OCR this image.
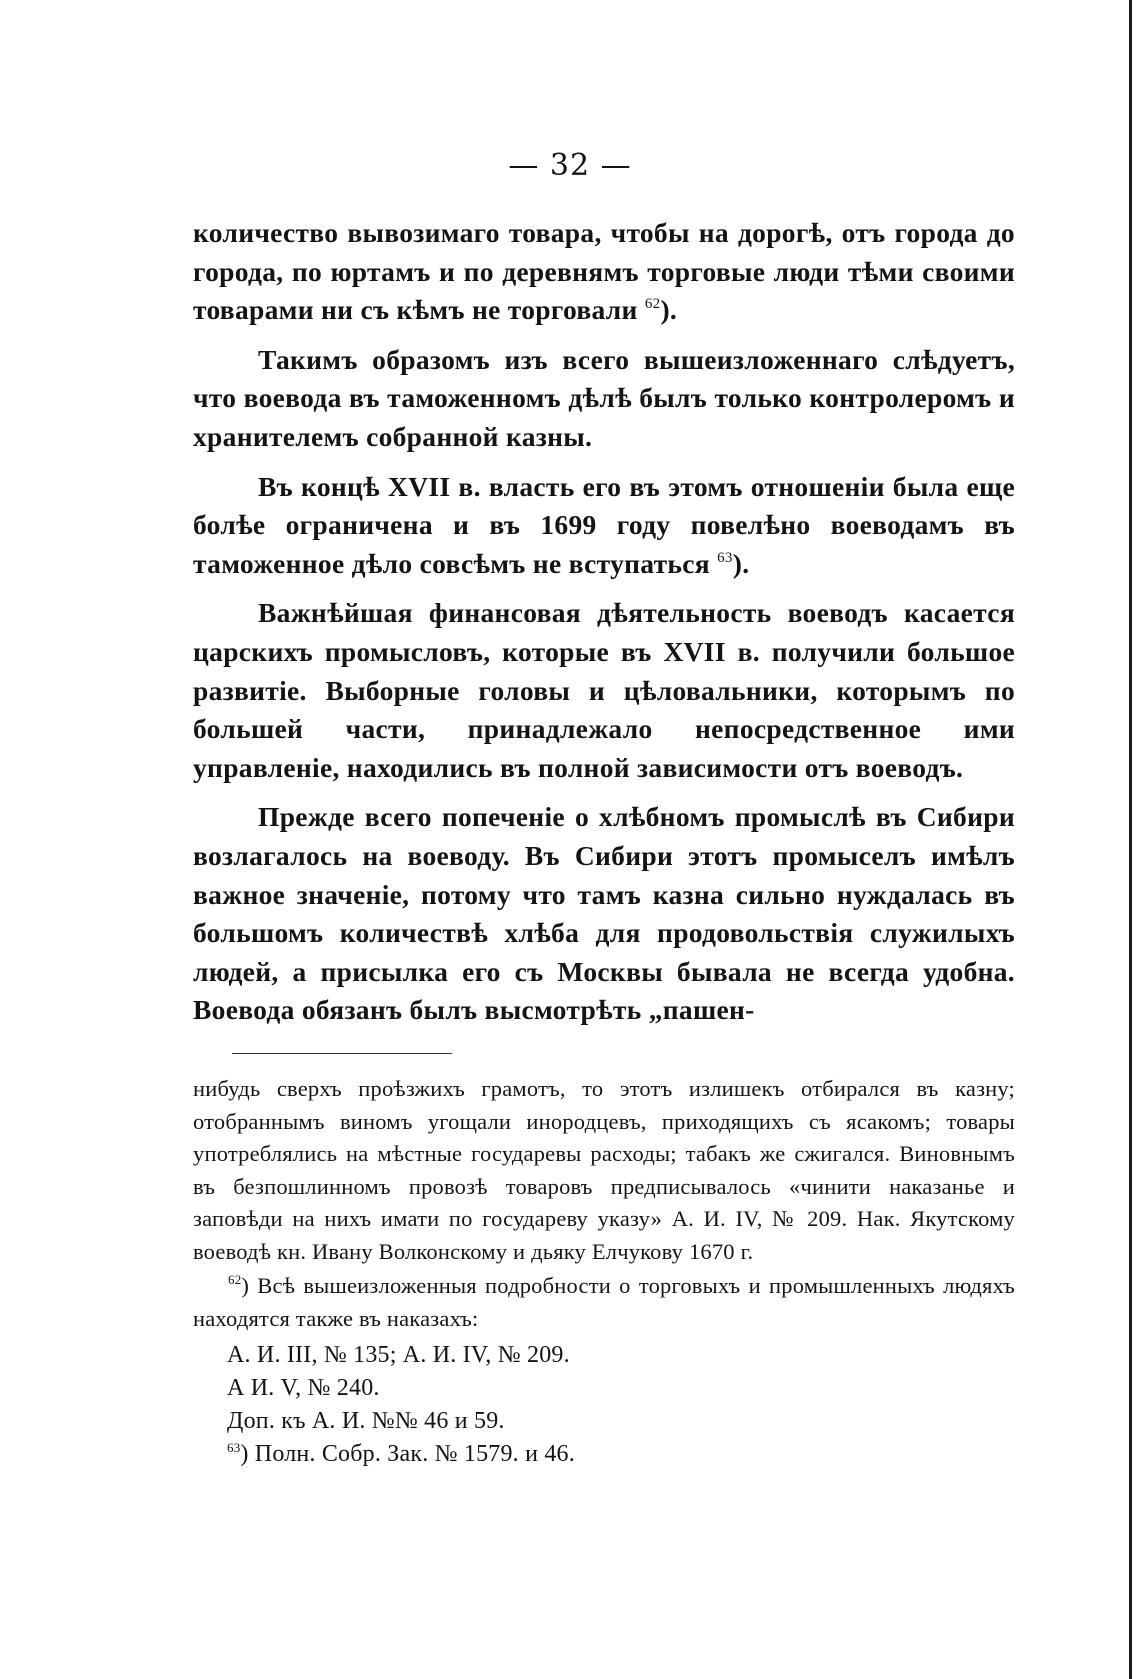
— 32 —

количество вывозимаго товара, чтобы на дорогѣ, отъ города до города, по юртамъ и по деревнямъ торговые люди тѣми своими товарами ни съ кѣмъ не торговали $^{62}$).

Такимъ образомъ изъ всего вышеизложеннаго слѣдуетъ, что воевода въ таможенномъ дѣлѣ былъ только контролеромъ и хранителемъ собранной казны.

Въ концѣ XVII в. власть его въ этомъ отношенiи была еще болѣе ограничена и въ 1699 году повелѣно воеводамъ въ таможенное дѣло совсѣмъ не вступаться $^{63}$).

Важнѣйшая финансовая дѣятельность воеводъ касается царскихъ промысловъ, которые въ XVII в. получили большое развитiе. Выборные головы и цѣловальники, которымъ по большей части, принадлежало непосредственное ими управленiе, находились въ полной зависимости отъ воеводъ.

Прежде всего попеченiе о хлѣбномъ промыслѣ въ Сибири возлагалось на воеводу. Въ Сибири этотъ промыселъ имѣлъ важное значенiе, потому что тамъ казна сильно нуждалась въ большомъ количествѣ хлѣба для продовольствiя служилыхъ людей, а присылка его съ Москвы бывала не всегда удобна. Воевода обязанъ былъ высмотрѣть „пашен-

нибудь сверхъ проѣзжихъ грамотъ, то этотъ излишекъ отбирался въ казну; отобраннымъ виномъ угощали инородцевъ, приходящихъ съ ясакомъ; товары употреблялись на мѣстные государевы расходы; табакъ же сжигался. Виновнымъ въ безпошлинномъ провозѣ товаровъ предписывалось «чинити наказанье и заповѣди на нихъ имати по государеву указу» А. И. IV, № 209. Нак. Якутскому воеводѣ кн. Ивану Волконскому и дьяку Елчукову 1670 г.

$^{62}$) Всѣ вышеизложенныя подробности о торговыхъ и промышленныхъ людяхъ находятся также въ наказахъ:

А. И. III, № 135; А. И. IV, № 209.
А И. V, № 240.
Доп. къ А. И. №№ 46 и 59.
$^{63}$) Полн. Собр. Зак. № 1579. и 46.
